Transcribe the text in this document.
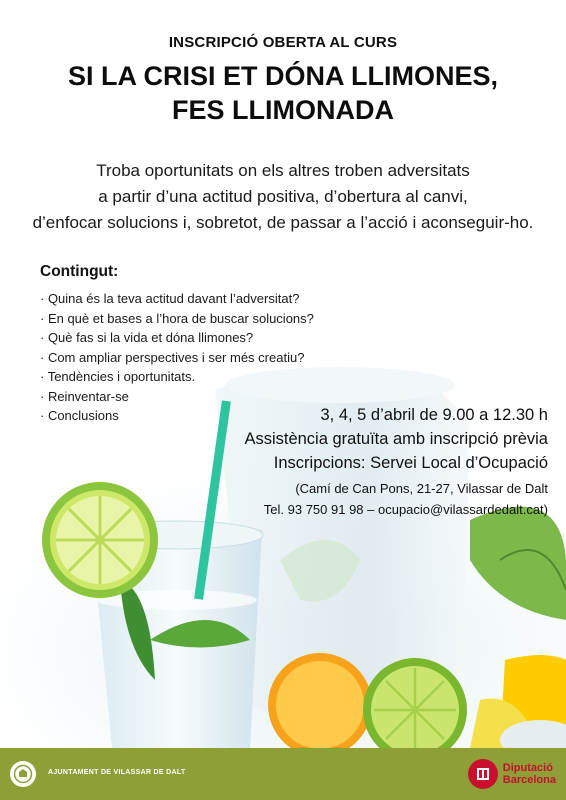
INSCRIPCIÓ OBERTA AL CURS
SI LA CRISI ET DÓNA LLIMONES,
FES LLIMONADA
Troba oportunitats on els altres troben adversitats
a partir d’una actitud positiva, d’obertura al canvi,
d’enfocar solucions i, sobretot, de passar a l’acció i aconseguir-ho.
Contingut:
· Quina és la teva actitud davant l’adversitat?
· En què et bases a l’hora de buscar solucions?
· Què fas si la vida et dóna llimones?
· Com ampliar perspectives i ser més creatiu?
· Tendències i oportunitats.
· Reinventar-se
· Conclusions	3, 4, 5 d’abril de 9.00 a 12.30 h
Assistència gratuïta amb inscripció prèvia
Inscripcions: Servei Local d’Ocupació
(Camí de Can Pons, 21-27, Vilassar de Dalt
Tel. 93 750 91 98 – ocupacio@vilassardedalt.cat)
AJUNTAMENT DE VILASSAR DE DALT	Diputació
Barcelona
